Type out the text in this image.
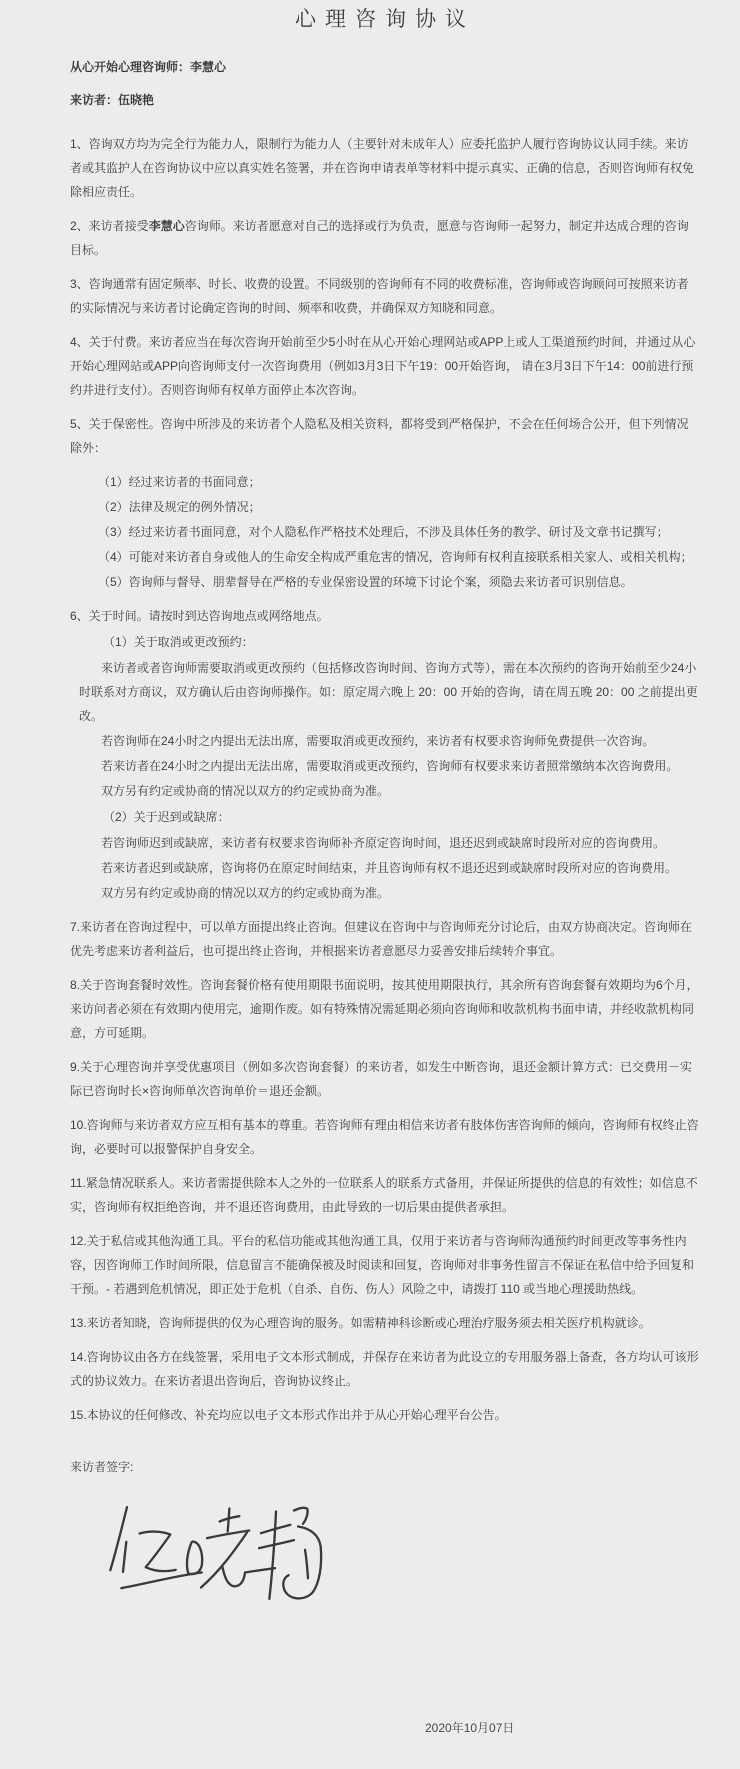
心理咨询协议
从心开始心理咨询师：李慧心
来访者：伍晓艳

1、咨询双方均为完全行为能力人，限制行为能力人（主要针对未成年人）应委托监护人履行咨询协议认同手续。来访者或其监护人在咨询协议中应以真实姓名签署，并在咨询申请表单等材料中提示真实、正确的信息，否则咨询师有权免除相应责任。

2、来访者接受李慧心咨询师。来访者愿意对自己的选择或行为负责，愿意与咨询师一起努力，制定并达成合理的咨询目标。

3、咨询通常有固定频率、时长、收费的设置。不同级别的咨询师有不同的收费标准，咨询师或咨询顾问可按照来访者的实际情况与来访者讨论确定咨询的时间、频率和收费，并确保双方知晓和同意。

4、关于付费。来访者应当在每次咨询开始前至少5小时在从心开始心理网站或APP上或人工渠道预约时间，并通过从心开始心理网站或APP向咨询师支付一次咨询费用（例如3月3日下午19：00开始咨询， 请在3月3日下午14：00前进行预约并进行支付）。否则咨询师有权单方面停止本次咨询。

5、关于保密性。咨询中所涉及的来访者个人隐私及相关资料，都将受到严格保护，不会在任何场合公开，但下列情况除外：

（1）经过来访者的书面同意；
（2）法律及规定的例外情况；
（3）经过来访者书面同意，对个人隐私作严格技术处理后，不涉及具体任务的教学、研讨及文章书记撰写；
（4）可能对来访者自身或他人的生命安全构成严重危害的情况，咨询师有权利直接联系相关家人、或相关机构；
（5）咨询师与督导、朋辈督导在严格的专业保密设置的环境下讨论个案，须隐去来访者可识别信息。

6、关于时间。请按时到达咨询地点或网络地点。

（1）关于取消或更改预约：
来访者或者咨询师需要取消或更改预约（包括修改咨询时间、咨询方式等），需在本次预约的咨询开始前至少24小时联系对方商议，双方确认后由咨询师操作。如：原定周六晚上 20：00 开始的咨询，请在周五晚 20：00 之前提出更改。
若咨询师在24小时之内提出无法出席，需要取消或更改预约，来访者有权要求咨询师免费提供一次咨询。
若来访者在24小时之内提出无法出席，需要取消或更改预约，咨询师有权要求来访者照常缴纳本次咨询费用。
双方另有约定或协商的情况以双方的约定或协商为准。
（2）关于迟到或缺席：
若咨询师迟到或缺席，来访者有权要求咨询师补齐原定咨询时间，退还迟到或缺席时段所对应的咨询费用。
若来访者迟到或缺席，咨询将仍在原定时间结束，并且咨询师有权不退还迟到或缺席时段所对应的咨询费用。
双方另有约定或协商的情况以双方的约定或协商为准。

7.来访者在咨询过程中，可以单方面提出终止咨询。但建议在咨询中与咨询师充分讨论后，由双方协商决定。咨询师在优先考虑来访者利益后，也可提出终止咨询，并根据来访者意愿尽力妥善安排后续转介事宜。

8.关于咨询套餐时效性。咨询套餐价格有使用期限书面说明，按其使用期限执行，其余所有咨询套餐有效期均为6个月，来访问者必须在有效期内使用完，逾期作废。如有特殊情况需延期必须向咨询师和收款机构书面申请，并经收款机构同意，方可延期。

9.关于心理咨询并享受优惠项目（例如多次咨询套餐）的来访者，如发生中断咨询，退还金额计算方式：已交费用－实际已咨询时长×咨询师单次咨询单价＝退还金额。

10.咨询师与来访者双方应互相有基本的尊重。若咨询师有理由相信来访者有肢体伤害咨询师的倾向，咨询师有权终止咨询，必要时可以报警保护自身安全。

11.紧急情况联系人。来访者需提供除本人之外的一位联系人的联系方式备用，并保证所提供的信息的有效性；如信息不实，咨询师有权拒绝咨询，并不退还咨询费用，由此导致的一切后果由提供者承担。

12.关于私信或其他沟通工具。平台的私信功能或其他沟通工具，仅用于来访者与咨询师沟通预约时间更改等事务性内容，因咨询师工作时间所限，信息留言不能确保被及时阅读和回复，咨询师对非事务性留言不保证在私信中给予回复和干预。- 若遇到危机情况，即正处于危机（自杀、自伤、伤人）风险之中，请拨打 110 或当地心理援助热线。

13.来访者知晓，咨询师提供的仅为心理咨询的服务。如需精神科诊断或心理治疗服务须去相关医疗机构就诊。

14.咨询协议由各方在线签署，采用电子文本形式制成，并保存在来访者为此设立的专用服务器上备查，各方均认可该形式的协议效力。在来访者退出咨询后，咨询协议终止。

15.本协议的任何修改、补充均应以电子文本形式作出并于从心开始心理平台公告。

来访者签字:
2020年10月07日
